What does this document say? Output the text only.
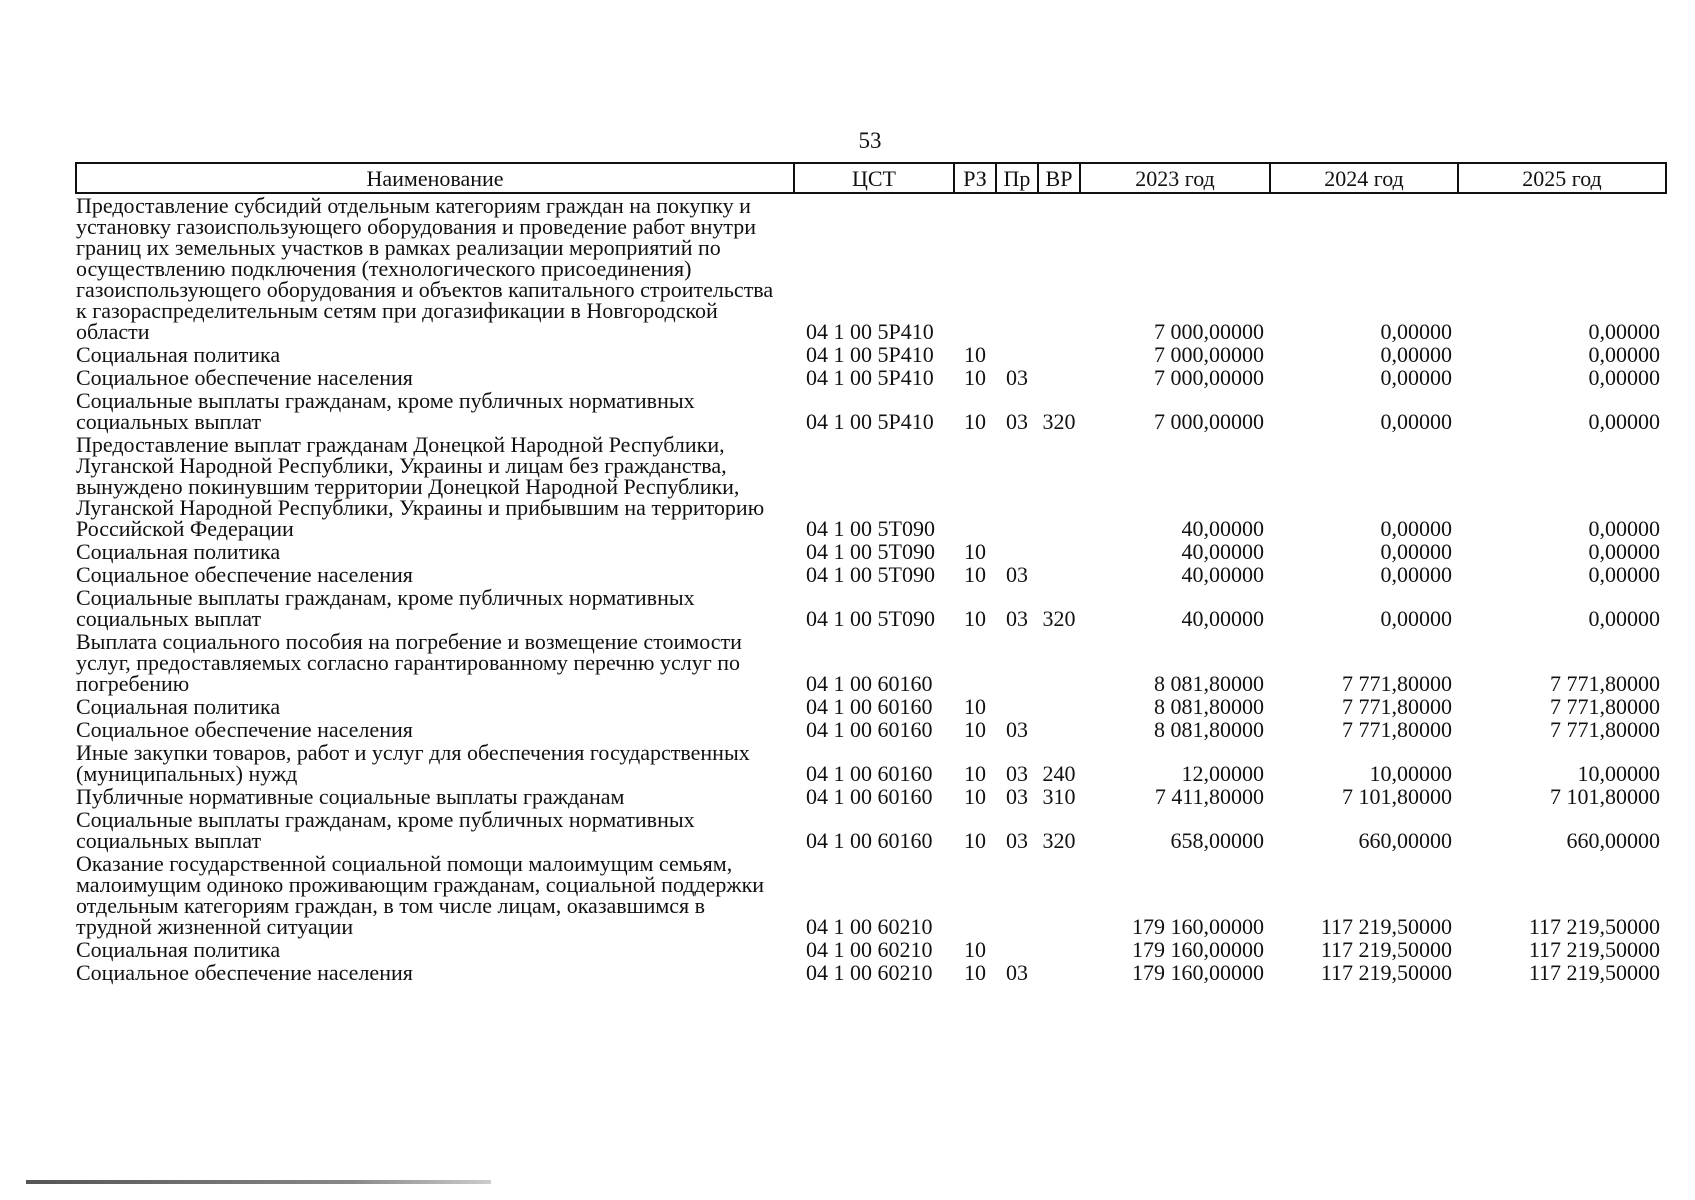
53
Наименование	ЦСТ	РЗ	Пр	ВР	2023 год	2024 год	2025 год
Предоставление субсидий отдельным категориям граждан на покупку и установку газоиспользующего оборудования и проведение работ внутри границ их земельных участков в рамках реализации мероприятий по осуществлению подключения (технологического присоединения) газоиспользующего оборудования и объектов капитального строительства к газораспределительным сетям при догазификации в Новгородской области	04 1 00 5P410				7 000,00000	0,00000	0,00000
Социальная политика	04 1 00 5P410	10			7 000,00000	0,00000	0,00000
Социальное обеспечение населения	04 1 00 5P410	10	03		7 000,00000	0,00000	0,00000
Социальные выплаты гражданам, кроме публичных нормативных социальных выплат	04 1 00 5P410	10	03	320	7 000,00000	0,00000	0,00000
Предоставление выплат гражданам Донецкой Народной Республики, Луганской Народной Республики, Украины и лицам без гражданства, вынуждено покинувшим территории Донецкой Народной Республики, Луганской Народной Республики, Украины и прибывшим на территорию Российской Федерации	04 1 00 5T090				40,00000	0,00000	0,00000
Социальная политика	04 1 00 5T090	10			40,00000	0,00000	0,00000
Социальное обеспечение населения	04 1 00 5T090	10	03		40,00000	0,00000	0,00000
Социальные выплаты гражданам, кроме публичных нормативных социальных выплат	04 1 00 5T090	10	03	320	40,00000	0,00000	0,00000
Выплата социального пособия на погребение и возмещение стоимости услуг, предоставляемых согласно гарантированному перечню услуг по погребению	04 1 00 60160				8 081,80000	7 771,80000	7 771,80000
Социальная политика	04 1 00 60160	10			8 081,80000	7 771,80000	7 771,80000
Социальное обеспечение населения	04 1 00 60160	10	03		8 081,80000	7 771,80000	7 771,80000
Иные закупки товаров, работ и услуг для обеспечения государственных (муниципальных) нужд	04 1 00 60160	10	03	240	12,00000	10,00000	10,00000
Публичные нормативные социальные выплаты гражданам	04 1 00 60160	10	03	310	7 411,80000	7 101,80000	7 101,80000
Социальные выплаты гражданам, кроме публичных нормативных социальных выплат	04 1 00 60160	10	03	320	658,00000	660,00000	660,00000
Оказание государственной социальной помощи малоимущим семьям, малоимущим одиноко проживающим гражданам, социальной поддержки отдельным категориям граждан, в том числе лицам, оказавшимся в трудной жизненной ситуации	04 1 00 60210				179 160,00000	117 219,50000	117 219,50000
Социальная политика	04 1 00 60210	10			179 160,00000	117 219,50000	117 219,50000
Социальное обеспечение населения	04 1 00 60210	10	03		179 160,00000	117 219,50000	117 219,50000
